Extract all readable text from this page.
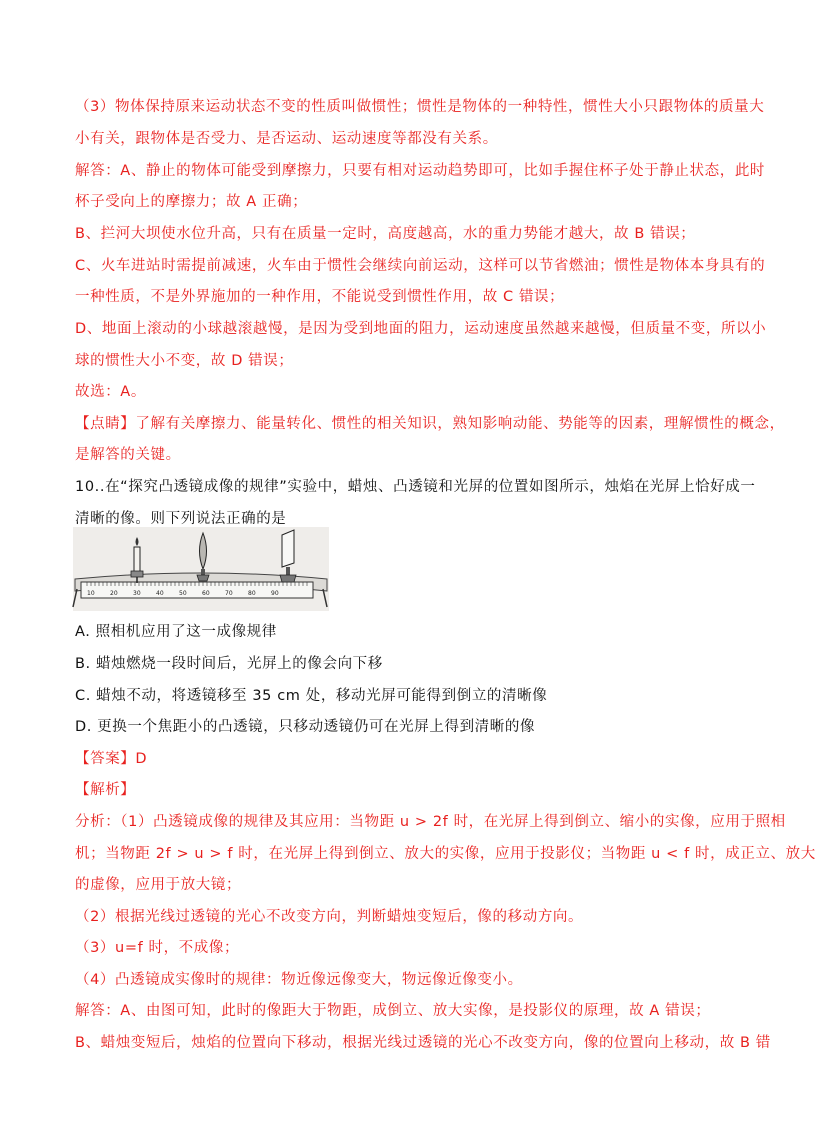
（3）物体保持原来运动状态不变的性质叫做惯性；惯性是物体的一种特性，惯性大小只跟物体的质量大
小有关，跟物体是否受力、是否运动、运动速度等都没有关系。
解答：A、静止的物体可能受到摩擦力，只要有相对运动趋势即可，比如手握住杯子处于静止状态，此时
杯子受向上的摩擦力；故 A 正确；
B、拦河大坝使水位升高，只有在质量一定时，高度越高，水的重力势能才越大，故 B 错误；
C、火车进站时需提前减速，火车由于惯性会继续向前运动，这样可以节省燃油；惯性是物体本身具有的
一种性质，不是外界施加的一种作用，不能说受到惯性作用，故 C 错误；
D、地面上滚动的小球越滚越慢，是因为受到地面的阻力，运动速度虽然越来越慢，但质量不变，所以小
球的惯性大小不变，故 D 错误；
故选：A。
【点睛】了解有关摩擦力、能量转化、惯性的相关知识，熟知影响动能、势能等的因素，理解惯性的概念，
是解答的关键。
10..在“探究凸透镜成像的规律”实验中，蜡烛、凸透镜和光屏的位置如图所示，烛焰在光屏上恰好成一
清晰的像。则下列说法正确的是
10	20	30	40	50	60	70	80	90
A. 照相机应用了这一成像规律
B. 蜡烛燃烧一段时间后，光屏上的像会向下移
C. 蜡烛不动，将透镜移至 35 cm 处，移动光屏可能得到倒立的清晰像
D. 更换一个焦距小的凸透镜，只移动透镜仍可在光屏上得到清晰的像
【答案】D
【解析】
分析：（1）凸透镜成像的规律及其应用：当物距 u > 2f 时，在光屏上得到倒立、缩小的实像，应用于照相
机；当物距 2f > u > f 时，在光屏上得到倒立、放大的实像，应用于投影仪；当物距 u < f 时，成正立、放大
的虚像，应用于放大镜；
（2）根据光线过透镜的光心不改变方向，判断蜡烛变短后，像的移动方向。
（3）u=f 时，不成像；
（4）凸透镜成实像时的规律：物近像远像变大，物远像近像变小。
解答：A、由图可知，此时的像距大于物距，成倒立、放大实像，是投影仪的原理，故 A 错误；
B、蜡烛变短后，烛焰的位置向下移动，根据光线过透镜的光心不改变方向，像的位置向上移动，故 B 错
